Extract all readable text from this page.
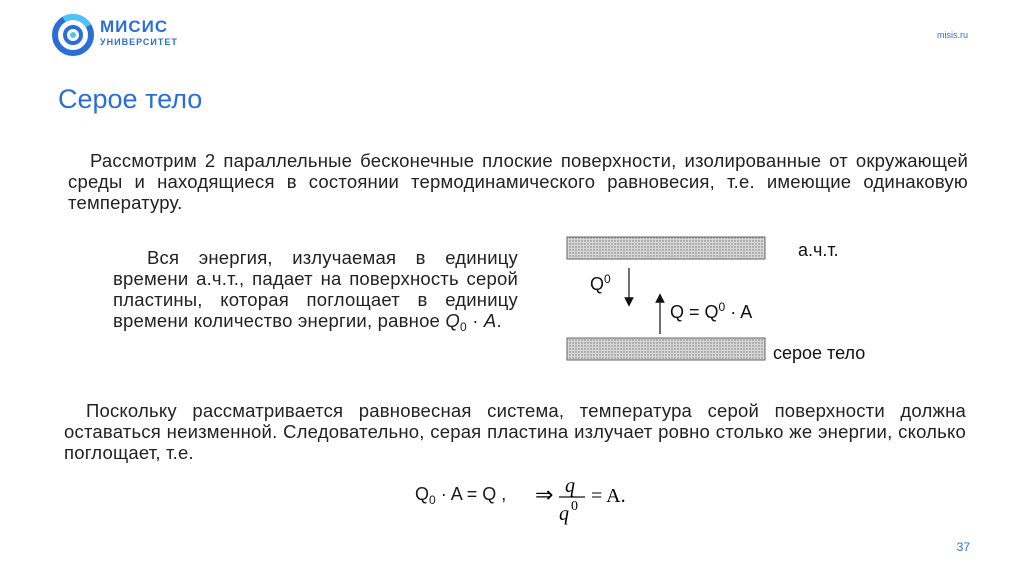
МИСИС
УНИВЕРСИТЕТ
misis.ru
Серое тело

Рассмотрим 2 параллельные бесконечные плоские поверхности, изолированные от окружающей среды и находящиеся в состоянии термодинамического равновесия, т.е. имеющие одинаковую температуру.

Вся энергия, излучаемая в единицу времени а.ч.т., падает на поверхность серой пластины, которая поглощает в единицу времени количество энергии, равное $Q_0 \cdot A$.

а.ч.т.
серое тело
$Q^0$
$Q = Q^0 \cdot A$

Поскольку рассматривается равновесная система, температура серой поверхности должна оставаться неизменной. Следовательно, серая пластина излучает ровно столько же энергии, сколько поглощает, т.е.

$Q_0 \cdot A = Q$ , ⇒ q
q 0 = A.
37
